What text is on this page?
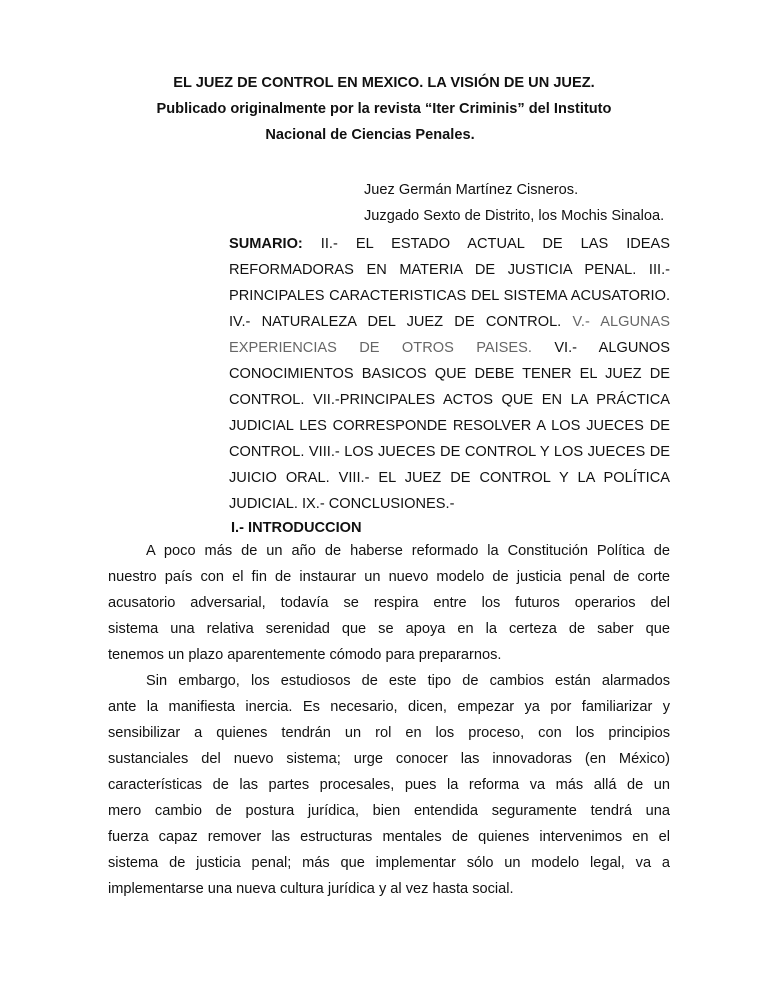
EL JUEZ DE CONTROL EN MEXICO. LA VISIÓN DE UN JUEZ.
Publicado originalmente por la revista “Iter Criminis” del Instituto
Nacional de Ciencias Penales.
Juez Germán Martínez Cisneros.
Juzgado Sexto de Distrito, los Mochis Sinaloa.
SUMARIO: II.- EL ESTADO ACTUAL DE LAS IDEAS
REFORMADORAS EN MATERIA DE JUSTICIA PENAL. III.-
PRINCIPALES CARACTERISTICAS DEL SISTEMA ACUSATORIO.
IV.- NATURALEZA DEL JUEZ DE CONTROL. V.- ALGUNAS
EXPERIENCIAS DE OTROS PAISES. VI.- ALGUNOS
CONOCIMIENTOS BASICOS QUE DEBE TENER EL JUEZ DE
CONTROL. VII.-PRINCIPALES ACTOS QUE EN LA PRÁCTICA
JUDICIAL LES CORRESPONDE RESOLVER A LOS JUECES DE
CONTROL. VIII.- LOS JUECES DE CONTROL Y LOS JUECES DE
JUICIO ORAL. VIII.- EL JUEZ DE CONTROL Y LA POLÍTICA
JUDICIAL. IX.- CONCLUSIONES.-
I.- INTRODUCCION
A poco más de un año de haberse reformado la Constitución Política de
nuestro país con el fin de instaurar un nuevo modelo de justicia penal de corte
acusatorio adversarial, todavía se respira entre los futuros operarios del
sistema una relativa serenidad que se apoya en la certeza de saber que
tenemos un plazo aparentemente cómodo para prepararnos.
Sin embargo, los estudiosos de este tipo de cambios están alarmados
ante la manifiesta inercia. Es necesario, dicen, empezar ya por familiarizar y
sensibilizar a quienes tendrán un rol en los proceso, con los principios
sustanciales del nuevo sistema; urge conocer las innovadoras (en México)
características de las partes procesales, pues la reforma va más allá de un
mero cambio de postura jurídica, bien entendida seguramente tendrá una
fuerza capaz remover las estructuras mentales de quienes intervenimos en el
sistema de justicia penal; más que implementar sólo un modelo legal, va a
implementarse una nueva cultura jurídica y al vez hasta social.
